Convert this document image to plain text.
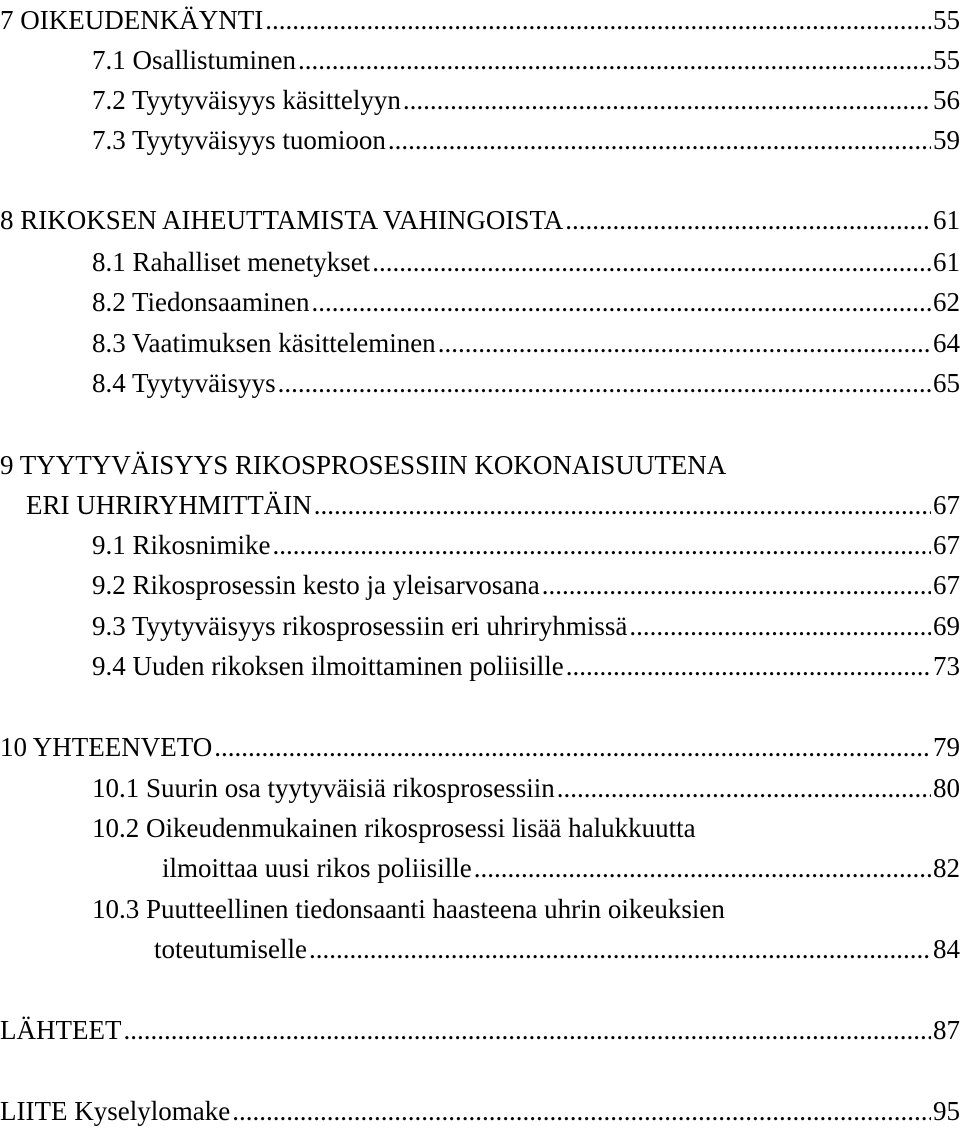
7 OIKEUDENKÄYNTI .....	55
7.1 Osallistuminen .....	55
7.2 Tyytyväisyys käsittelyyn .....	56
7.3 Tyytyväisyys tuomioon .....	59
8 RIKOKSEN AIHEUTTAMISTA VAHINGOISTA .....	61
8.1 Rahalliset menetykset .....	61
8.2 Tiedonsaaminen .....	62
8.3 Vaatimuksen käsitteleminen .....	64
8.4 Tyytyväisyys .....	65
9 TYYTYVÄISYYS RIKOSPROSESSIIN KOKONAISUUTENA
ERI UHRIRYHMITTÄIN .....	67
9.1 Rikosnimike .....	67
9.2 Rikosprosessin kesto ja yleisarvosana .....	67
9.3 Tyytyväisyys rikosprosessiin eri uhriryhmissä .....	69
9.4 Uuden rikoksen ilmoittaminen poliisille .....	73
10 YHTEENVETO .....	79
10.1 Suurin osa tyytyväisiä rikosprosessiin .....	80
10.2 Oikeudenmukainen rikosprosessi lisää halukkuutta
ilmoittaa uusi rikos poliisille .....	82
10.3 Puutteellinen tiedonsaanti haasteena uhrin oikeuksien
toteutumiselle .....	84
LÄHTEET .....	87
LIITE Kyselylomake .....	95
